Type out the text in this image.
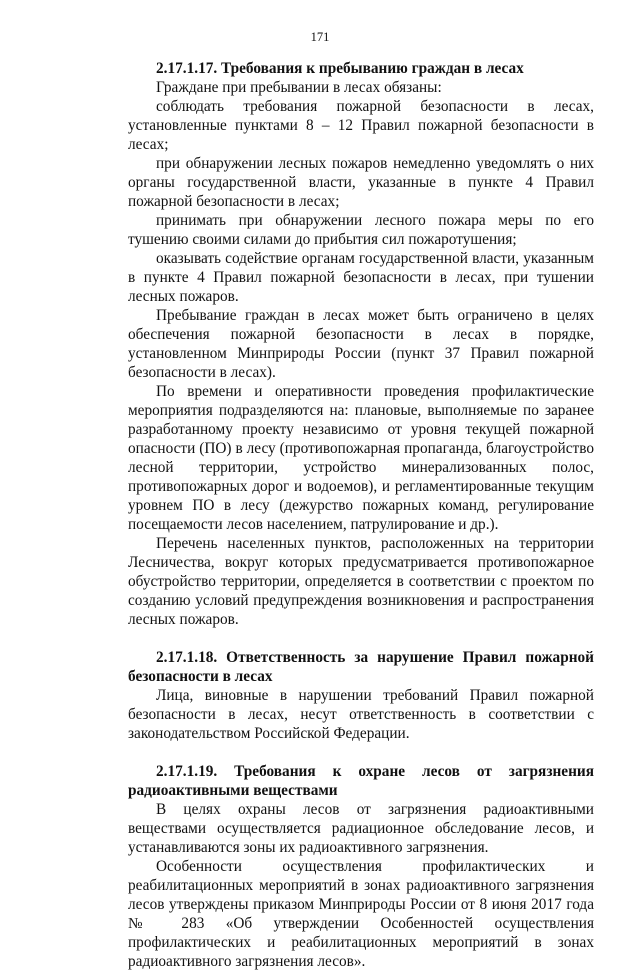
171
2.17.1.17. Требования к пребыванию граждан в лесах

Граждане при пребывании в лесах обязаны:

соблюдать требования пожарной безопасности в лесах, установленные пунктами 8 – 12 Правил пожарной безопасности в лесах;

при обнаружении лесных пожаров немедленно уведомлять о них органы государственной власти, указанные в пункте 4 Правил пожарной безопасности в лесах;

принимать при обнаружении лесного пожара меры по его тушению своими силами до прибытия сил пожаротушения;

оказывать содействие органам государственной власти, указанным в пункте 4 Правил пожарной безопасности в лесах, при тушении лесных пожаров.

Пребывание граждан в лесах может быть ограничено в целях обеспечения пожарной безопасности в лесах в порядке, установленном Минприроды России (пункт 37 Правил пожарной безопасности в лесах).

По времени и оперативности проведения профилактические мероприятия подразделяются на: плановые, выполняемые по заранее разработанному проекту независимо от уровня текущей пожарной опасности (ПО) в лесу (противопожарная пропаганда, благоустройство лесной территории, устройство минерализованных полос, противопожарных дорог и водоемов), и регламентированные текущим уровнем ПО в лесу (дежурство пожарных команд, регулирование посещаемости лесов населением, патрулирование и др.).

Перечень населенных пунктов, расположенных на территории Лесничества, вокруг которых предусматривается противопожарное обустройство территории, определяется в соответствии с проектом по созданию условий предупреждения возникновения и распространения лесных пожаров.

2.17.1.18. Ответственность за нарушение Правил пожарной безопасности в лесах

Лица, виновные в нарушении требований Правил пожарной безопасности в лесах, несут ответственность в соответствии с законодательством Российской Федерации.

2.17.1.19. Требования к охране лесов от загрязнения радиоактивными веществами

В целях охраны лесов от загрязнения радиоактивными веществами осуществляется радиационное обследование лесов, и устанавливаются зоны их радиоактивного загрязнения.

Особенности осуществления профилактических и реабилитационных мероприятий в зонах радиоактивного загрязнения лесов утверждены приказом Минприроды России от 8 июня 2017 года № 283 «Об утверждении Особенностей осуществления профилактических и реабилитационных мероприятий в зонах радиоактивного загрязнения лесов».
